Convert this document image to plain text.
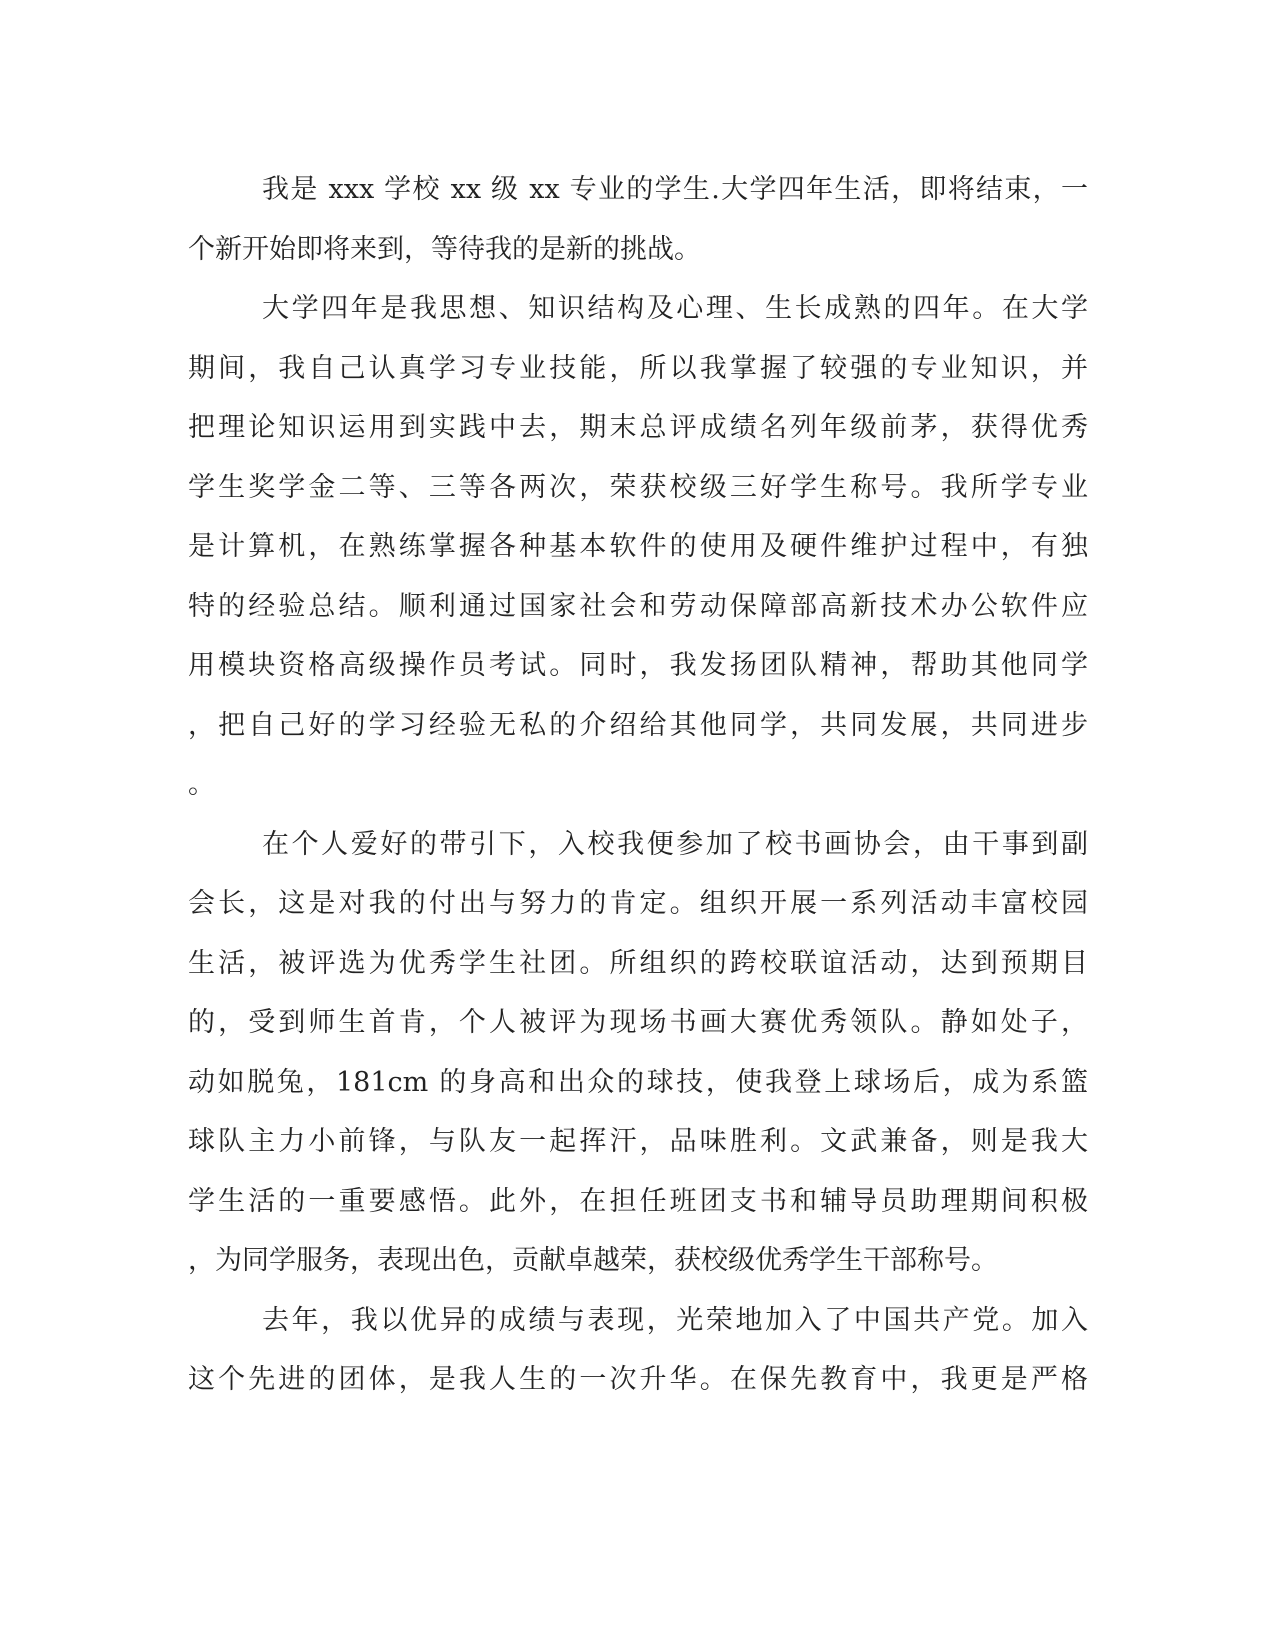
我是 xxx 学校 xx 级 xx 专业的学生.大学四年生活，即将结束，一
个新开始即将来到，等待我的是新的挑战。
大学四年是我思想、知识结构及心理、生长成熟的四年。在大学
期间，我自己认真学习专业技能，所以我掌握了较强的专业知识，并
把理论知识运用到实践中去，期末总评成绩名列年级前茅，获得优秀
学生奖学金二等、三等各两次，荣获校级三好学生称号。我所学专业
是计算机，在熟练掌握各种基本软件的使用及硬件维护过程中，有独
特的经验总结。顺利通过国家社会和劳动保障部高新技术办公软件应
用模块资格高级操作员考试。同时，我发扬团队精神，帮助其他同学
，把自己好的学习经验无私的介绍给其他同学，共同发展，共同进步
。
在个人爱好的带引下，入校我便参加了校书画协会，由干事到副
会长，这是对我的付出与努力的肯定。组织开展一系列活动丰富校园
生活，被评选为优秀学生社团。所组织的跨校联谊活动，达到预期目
的，受到师生首肯，个人被评为现场书画大赛优秀领队。静如处子，
动如脱兔，181cm 的身高和出众的球技，使我登上球场后，成为系篮
球队主力小前锋，与队友一起挥汗，品味胜利。文武兼备，则是我大
学生活的一重要感悟。此外，在担任班团支书和辅导员助理期间积极
，为同学服务，表现出色，贡献卓越荣，获校级优秀学生干部称号。
去年，我以优异的成绩与表现，光荣地加入了中国共产党。加入
这个先进的团体，是我人生的一次升华。在保先教育中，我更是严格
